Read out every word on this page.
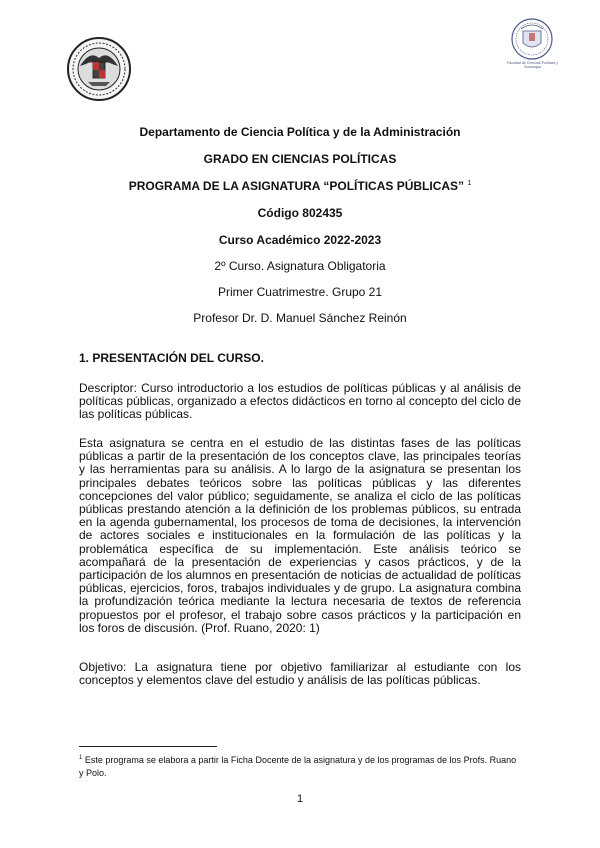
Facultad de Ciencias Políticas y Sociología
Departamento de Ciencia Política y de la Administración
GRADO EN CIENCIAS POLÍTICAS
PROGRAMA DE LA ASIGNATURA “POLÍTICAS PÚBLICAS” $^1$
Código 802435
Curso Académico 2022-2023
2º Curso. Asignatura Obligatoria
Primer Cuatrimestre. Grupo 21
Profesor Dr. D. Manuel Sánchez Reinón
1. PRESENTACIÓN DEL CURSO.

Descriptor: Curso introductorio a los estudios de políticas públicas y al análisis de políticas públicas, organizado a efectos didácticos en torno al concepto del ciclo de las políticas públicas.

Esta asignatura se centra en el estudio de las distintas fases de las políticas públicas a partir de la presentación de los conceptos clave, las principales teorías y las herramientas para su análisis. A lo largo de la asignatura se presentan los principales debates teóricos sobre las políticas públicas y las diferentes concepciones del valor público; seguidamente, se analiza el ciclo de las políticas públicas prestando atención a la definición de los problemas públicos, su entrada en la agenda gubernamental, los procesos de toma de decisiones, la intervención de actores sociales e institucionales en la formulación de las políticas y la problemática específica de su implementación. Este análisis teórico se acompañará de la presentación de experiencias y casos prácticos, y de la participación de los alumnos en presentación de noticias de actualidad de políticas públicas, ejercicios, foros, trabajos individuales y de grupo. La asignatura combina la profundización teórica mediante la lectura necesaria de textos de referencia propuestos por el profesor, el trabajo sobre casos prácticos y la participación en los foros de discusión. (Prof. Ruano, 2020: 1)

Objetivo: La asignatura tiene por objetivo familiarizar al estudiante con los conceptos y elementos clave del estudio y análisis de las políticas públicas.

$^1$ Este programa se elabora a partir la Ficha Docente de la asignatura y de los programas de los Profs. Ruano y Polo.
1
